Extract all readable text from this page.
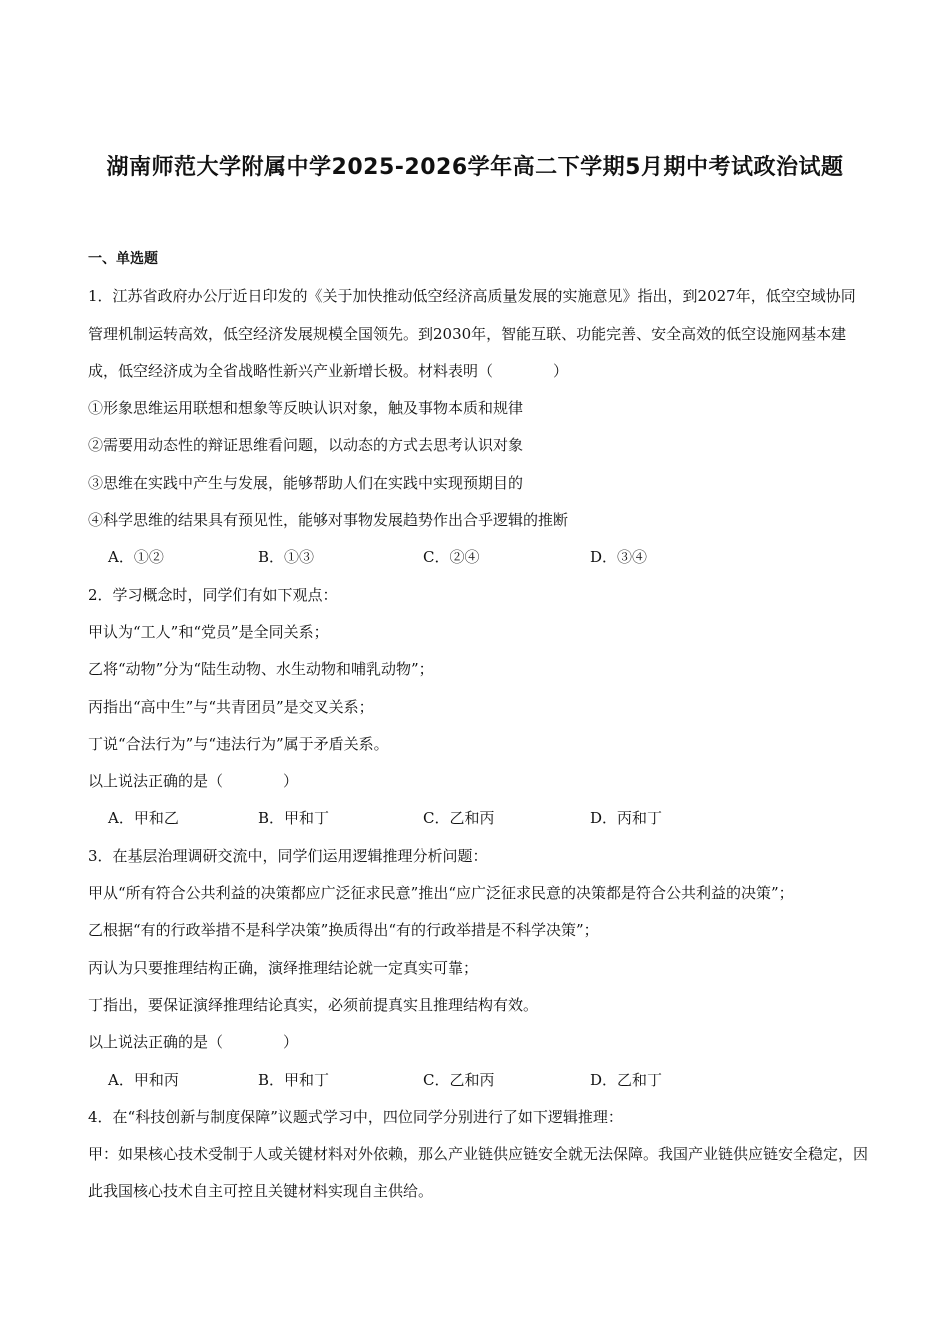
湖南师范大学附属中学2025-2026学年高二下学期5月期中考试政治试题
一、单选题
1．江苏省政府办公厅近日印发的《关于加快推动低空经济高质量发展的实施意见》指出，到2027年，低空空域协同管理机制运转高效，低空经济发展规模全国领先。到2030年，智能互联、功能完善、安全高效的低空设施网基本建成，低空经济成为全省战略性新兴产业新增长极。材料表明（　　　　）
①形象思维运用联想和想象等反映认识对象，触及事物本质和规律
②需要用动态性的辩证思维看问题，以动态的方式去思考认识对象
③思维在实践中产生与发展，能够帮助人们在实践中实现预期目的
④科学思维的结果具有预见性，能够对事物发展趋势作出合乎逻辑的推断
A．①②	B．①③	C．②④	D．③④
2．学习概念时，同学们有如下观点：
甲认为“工人”和“党员”是全同关系；
乙将“动物”分为“陆生动物、水生动物和哺乳动物”；
丙指出“高中生”与“共青团员”是交叉关系；
丁说“合法行为”与“违法行为”属于矛盾关系。
以上说法正确的是（　　　　）
A．甲和乙	B．甲和丁	C．乙和丙	D．丙和丁
3．在基层治理调研交流中，同学们运用逻辑推理分析问题：
甲从“所有符合公共利益的决策都应广泛征求民意”推出“应广泛征求民意的决策都是符合公共利益的决策”；
乙根据“有的行政举措不是科学决策”换质得出“有的行政举措是不科学决策”；
丙认为只要推理结构正确，演绎推理结论就一定真实可靠；
丁指出，要保证演绎推理结论真实，必须前提真实且推理结构有效。
以上说法正确的是（　　　　）
A．甲和丙	B．甲和丁	C．乙和丙	D．乙和丁
4．在“科技创新与制度保障”议题式学习中，四位同学分别进行了如下逻辑推理：
甲：如果核心技术受制于人或关键材料对外依赖，那么产业链供应链安全就无法保障。我国产业链供应链安全稳定，因此我国核心技术自主可控且关键材料实现自主供给。
